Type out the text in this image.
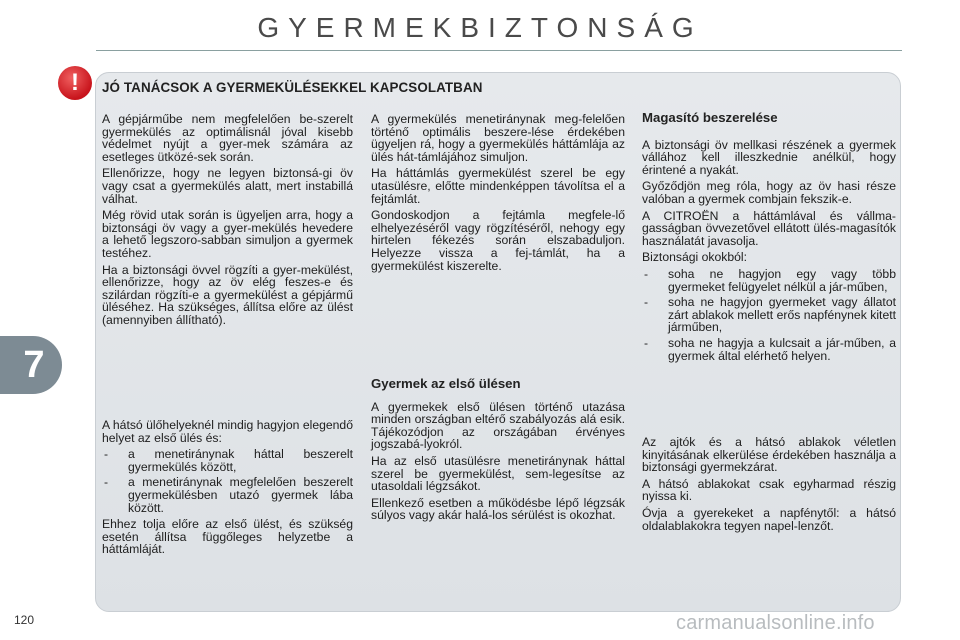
GYERMEKBIZTONSÁG
7
!	JÓ TANÁCSOK A GYERMEKÜLÉSEKKEL KAPCSOLATBAN

A gépjárműbe nem megfelelően be-szerelt gyermekülés az optimálisnál jóval kisebb védelmet nyújt a gyer-mek számára az esetleges ütközé-sek során.

Ellenőrizze, hogy ne legyen biztonsá-gi öv vagy csat a gyermekülés alatt, mert instabillá válhat.

Még rövid utak során is ügyeljen arra, hogy a biztonsági öv vagy a gyer-mekülés hevedere a lehető legszoro-sabban simuljon a gyermek testéhez.

Ha a biztonsági övvel rögzíti a gyer-mekülést, ellenőrizze, hogy az öv elég feszes-e és szilárdan rögzíti-e a gyermekülést a gépjármű üléséhez. Ha szükséges, állítsa előre az ülést (amennyiben állítható).

A hátsó ülőhelyeknél mindig hagyjon elegendő helyet az első ülés és:

- a menetiránynak háttal beszerelt gyermekülés között,
- a menetiránynak megfelelően beszerelt gyermekülésben utazó gyermek lába között.

Ehhez tolja előre az első ülést, és szükség esetén állítsa függőleges helyzetbe a háttámláját.

A gyermekülés menetiránynak meg-felelően történő optimális beszere-lése érdekében ügyeljen rá, hogy a gyermekülés háttámlája az ülés hát-támlájához simuljon.

Ha háttámlás gyermekülést szerel be egy utasülésre, előtte mindenképpen távolítsa el a fejtámlát.

Gondoskodjon a fejtámla megfele-lő elhelyezéséről vagy rögzítéséről, nehogy egy hirtelen fékezés során elszabaduljon. Helyezze vissza a fej-támlát, ha a gyermekülést kiszerelte.

Gyermek az első ülésen

A gyermekek első ülésen történő utazása minden országban eltérő szabályozás alá esik. Tájékozódjon az országában érvényes jogszabá-lyokról.

Ha az első utasülésre menetiránynak háttal szerel be gyermekülést, sem-legesítse az utasoldali légzsákot.

Ellenkező esetben a működésbe lépő légzsák súlyos vagy akár halá-los sérülést is okozhat.

Magasító beszerelése

A biztonsági öv mellkasi részének a gyermek vállához kell illeszkednie anélkül, hogy érintené a nyakát.

Győződjön meg róla, hogy az öv hasi része valóban a gyermek combjain fekszik-e.

A CITROËN a háttámlával és vállma-gasságban övvezetővel ellátott ülés-magasítók használatát javasolja.

Biztonsági okokból:

- soha ne hagyjon egy vagy több gyermeket felügyelet nélkül a jár-műben,
- soha ne hagyjon gyermeket vagy állatot zárt ablakok mellett erős napfénynek kitett járműben,
- soha ne hagyja a kulcsait a jár-műben, a gyermek által elérhető helyen.

Az ajtók és a hátsó ablakok véletlen kinyitásának elkerülése érdekében használja a biztonsági gyermekzárat.

A hátsó ablakokat csak egyharmad részig nyissa ki.

Óvja a gyerekeket a napfénytől: a hátsó oldalablakokra tegyen napel-lenzőt.

120	carmanualsonline.info
